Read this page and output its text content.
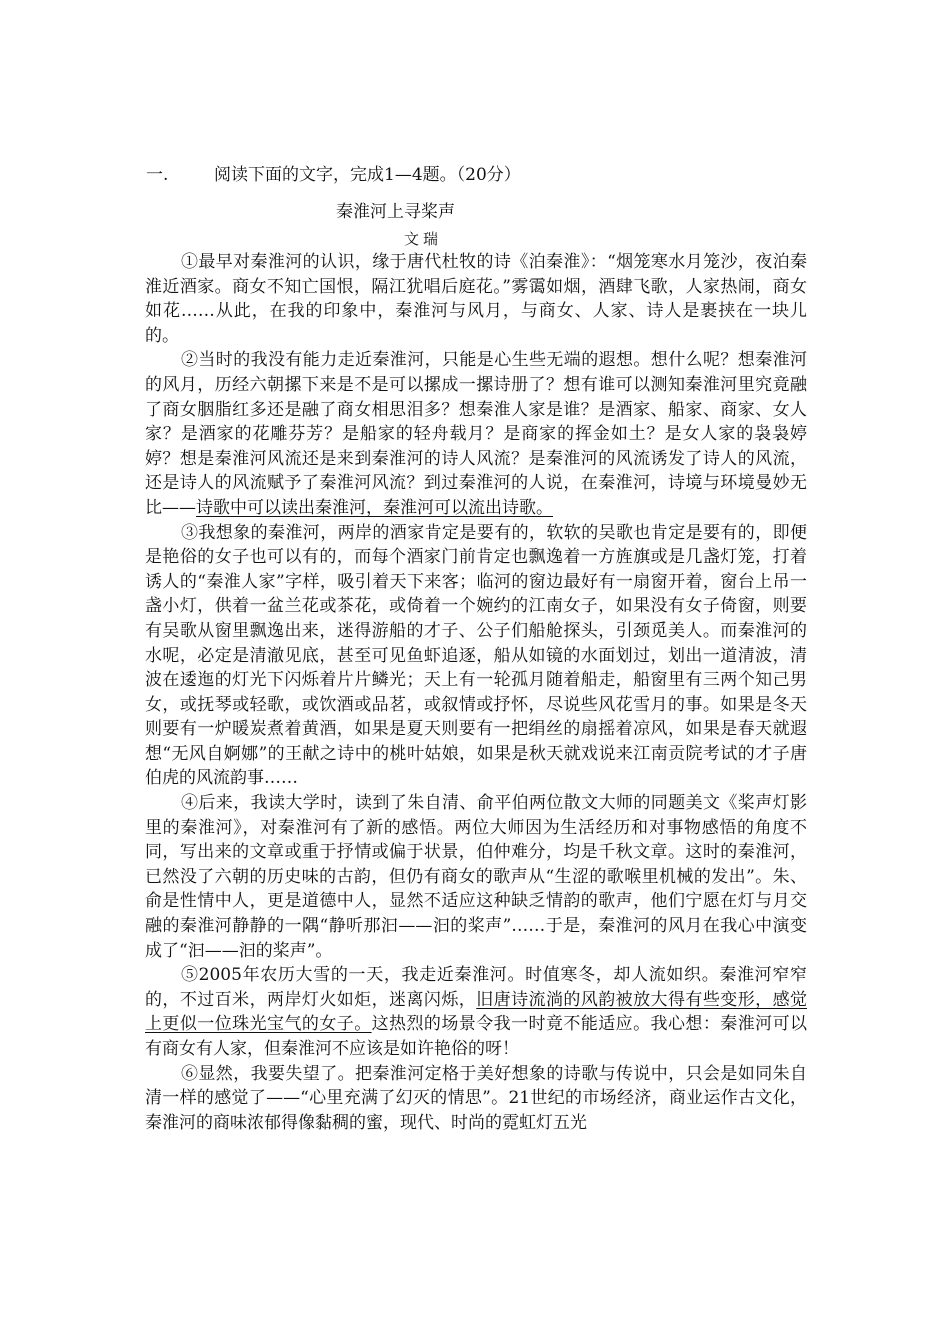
一.	阅读下面的文字，完成1—4题。（20分）
秦淮河上寻桨声
文瑞

①最早对秦淮河的认识，缘于唐代杜牧的诗《泊秦淮》：“烟笼寒水月笼沙，夜泊秦淮近酒家。商女不知亡国恨，隔江犹唱后庭花。”雾霭如烟，酒肆飞歌，人家热闹，商女如花……从此，在我的印象中，秦淮河与风月，与商女、人家、诗人是裹挟在一块儿的。

②当时的我没有能力走近秦淮河，只能是心生些无端的遐想。想什么呢？想秦淮河的风月，历经六朝摞下来是不是可以摞成一摞诗册了？想有谁可以测知秦淮河里究竟融了商女胭脂红多还是融了商女相思泪多？想秦淮人家是谁？是酒家、船家、商家、女人家？是酒家的花雕芬芳？是船家的轻舟载月？是商家的挥金如土？是女人家的袅袅婷婷？想是秦淮河风流还是来到秦淮河的诗人风流？是秦淮河的风流诱发了诗人的风流，还是诗人的风流赋予了秦淮河风流？到过秦淮河的人说，在秦淮河，诗境与环境曼妙无比——诗歌中可以读出秦淮河，秦淮河可以流出诗歌。

③我想象的秦淮河，两岸的酒家肯定是要有的，软软的吴歌也肯定是要有的，即便是艳俗的女子也可以有的，而每个酒家门前肯定也飘逸着一方旌旗或是几盏灯笼，打着诱人的“秦淮人家”字样，吸引着天下来客；临河的窗边最好有一扇窗开着，窗台上吊一盏小灯，供着一盆兰花或茶花，或倚着一个婉约的江南女子，如果没有女子倚窗，则要有吴歌从窗里飘逸出来，迷得游船的才子、公子们船舱探头，引颈觅美人。而秦淮河的水呢，必定是清澈见底，甚至可见鱼虾追逐，船从如镜的水面划过，划出一道清波，清波在逶迤的灯光下闪烁着片片鳞光；天上有一轮孤月随着船走，船窗里有三两个知己男女，或抚琴或轻歌，或饮酒或品茗，或叙情或抒怀，尽说些风花雪月的事。如果是冬天则要有一炉暖炭煮着黄酒，如果是夏天则要有一把绢丝的扇摇着凉风，如果是春天就遐想“无风自婀娜”的王献之诗中的桃叶姑娘，如果是秋天就戏说来江南贡院考试的才子唐伯虎的风流韵事……

④后来，我读大学时，读到了朱自清、俞平伯两位散文大师的同题美文《桨声灯影里的秦淮河》，对秦淮河有了新的感悟。两位大师因为生活经历和对事物感悟的角度不同，写出来的文章或重于抒情或偏于状景，伯仲难分，均是千秋文章。这时的秦淮河，已然没了六朝的历史味的古韵，但仍有商女的歌声从“生涩的歌喉里机械的发出”。朱、俞是性情中人，更是道德中人，显然不适应这种缺乏情韵的歌声，他们宁愿在灯与月交融的秦淮河静静的一隅“静听那汩——汩的桨声”……于是，秦淮河的风月在我心中演变成了“汩——汩的桨声”。

⑤2005年农历大雪的一天，我走近秦淮河。时值寒冬，却人流如织。秦淮河窄窄的，不过百米，两岸灯火如炬，迷离闪烁，旧唐诗流淌的风韵被放大得有些变形，感觉上更似一位珠光宝气的女子。这热烈的场景令我一时竟不能适应。我心想：秦淮河可以有商女有人家，但秦淮河不应该是如许艳俗的呀！

⑥显然，我要失望了。把秦淮河定格于美好想象的诗歌与传说中，只会是如同朱自清一样的感觉了——“心里充满了幻灭的情思”。21世纪的市场经济，商业运作古文化，秦淮河的商味浓郁得像黏稠的蜜，现代、时尚的霓虹灯五光
